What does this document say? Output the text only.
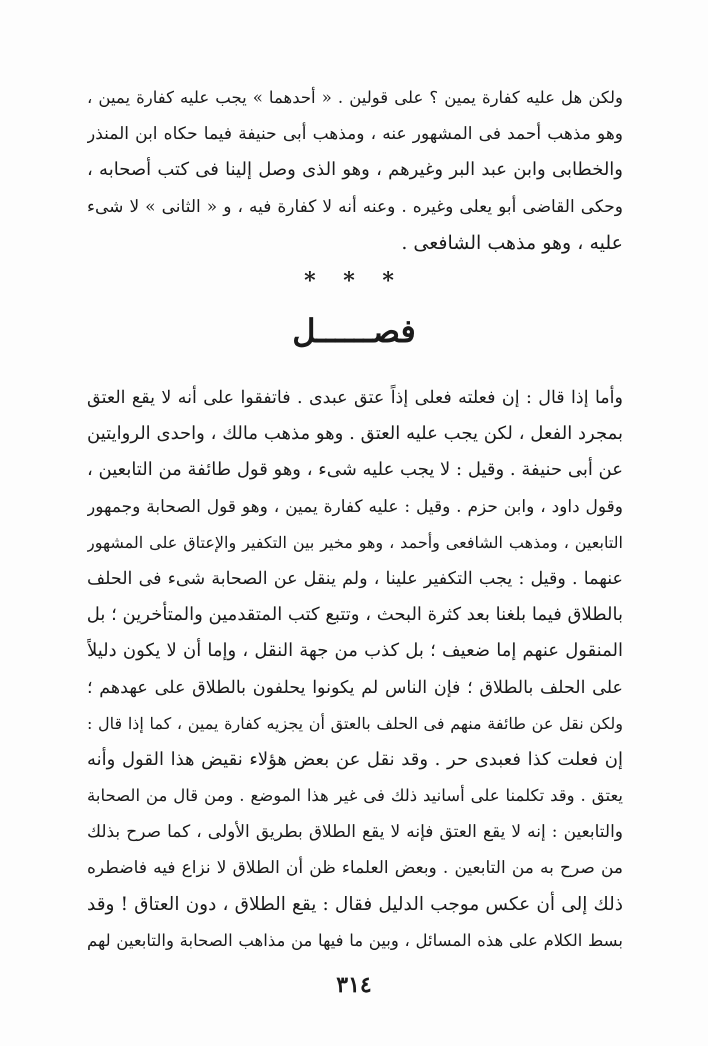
ولكن هل عليه كفارة يمين ؟ على قولين . « أحدهما » يجب عليه كفارة يمين ،
وهو مذهب أحمد فى المشهور عنه ، ومذهب أبى حنيفة فيما حكاه ابن المنذر
والخطابى وابن عبد البر وغيرهم ، وهو الذى وصل إلينا فى كتب أصحابه ،
وحكى القاضى أبو يعلى وغيره . وعنه أنه لا كفارة فيه ، و « الثانى » لا شىء
عليه ، وهو مذهب الشافعى .
* * *
فصــــــل
وأما إذا قال : إن فعلته فعلى إذاً عتق عبدى . فاتفقوا على أنه لا يقع العتق
بمجرد الفعل ، لكن يجب عليه العتق . وهو مذهب مالك ، واحدى الروايتين
عن أبى حنيفة . وقيل : لا يجب عليه شىء ، وهو قول طائفة من التابعين ،
وقول داود ، وابن حزم . وقيل : عليه كفارة يمين ، وهو قول الصحابة وجمهور
التابعين ، ومذهب الشافعى وأحمد ، وهو مخير بين التكفير والإعتاق على المشهور
عنهما . وقيل : يجب التكفير علينا ، ولم ينقل عن الصحابة شىء فى الحلف
بالطلاق فيما بلغنا بعد كثرة البحث ، وتتبع كتب المتقدمين والمتأخرين ؛ بل
المنقول عنهم إما ضعيف ؛ بل كذب من جهة النقل ، وإما أن لا يكون دليلاً
على الحلف بالطلاق ؛ فإن الناس لم يكونوا يحلفون بالطلاق على عهدهم ؛
ولكن نقل عن طائفة منهم فى الحلف بالعتق أن يجزيه كفارة يمين ، كما إذا قال :
إن فعلت كذا فعبدى حر . وقد نقل عن بعض هؤلاء نقيض هذا القول وأنه
يعتق . وقد تكلمنا على أسانيد ذلك فى غير هذا الموضع . ومن قال من الصحابة
والتابعين : إنه لا يقع العتق فإنه لا يقع الطلاق بطريق الأولى ، كما صرح بذلك
من صرح به من التابعين . وبعض العلماء ظن أن الطلاق لا نزاع فيه فاضطره
ذلك إلى أن عكس موجب الدليل فقال : يقع الطلاق ، دون العتاق ! وقد
بسط الكلام على هذه المسائل ، وبين ما فيها من مذاهب الصحابة والتابعين لهم
٣١٤
